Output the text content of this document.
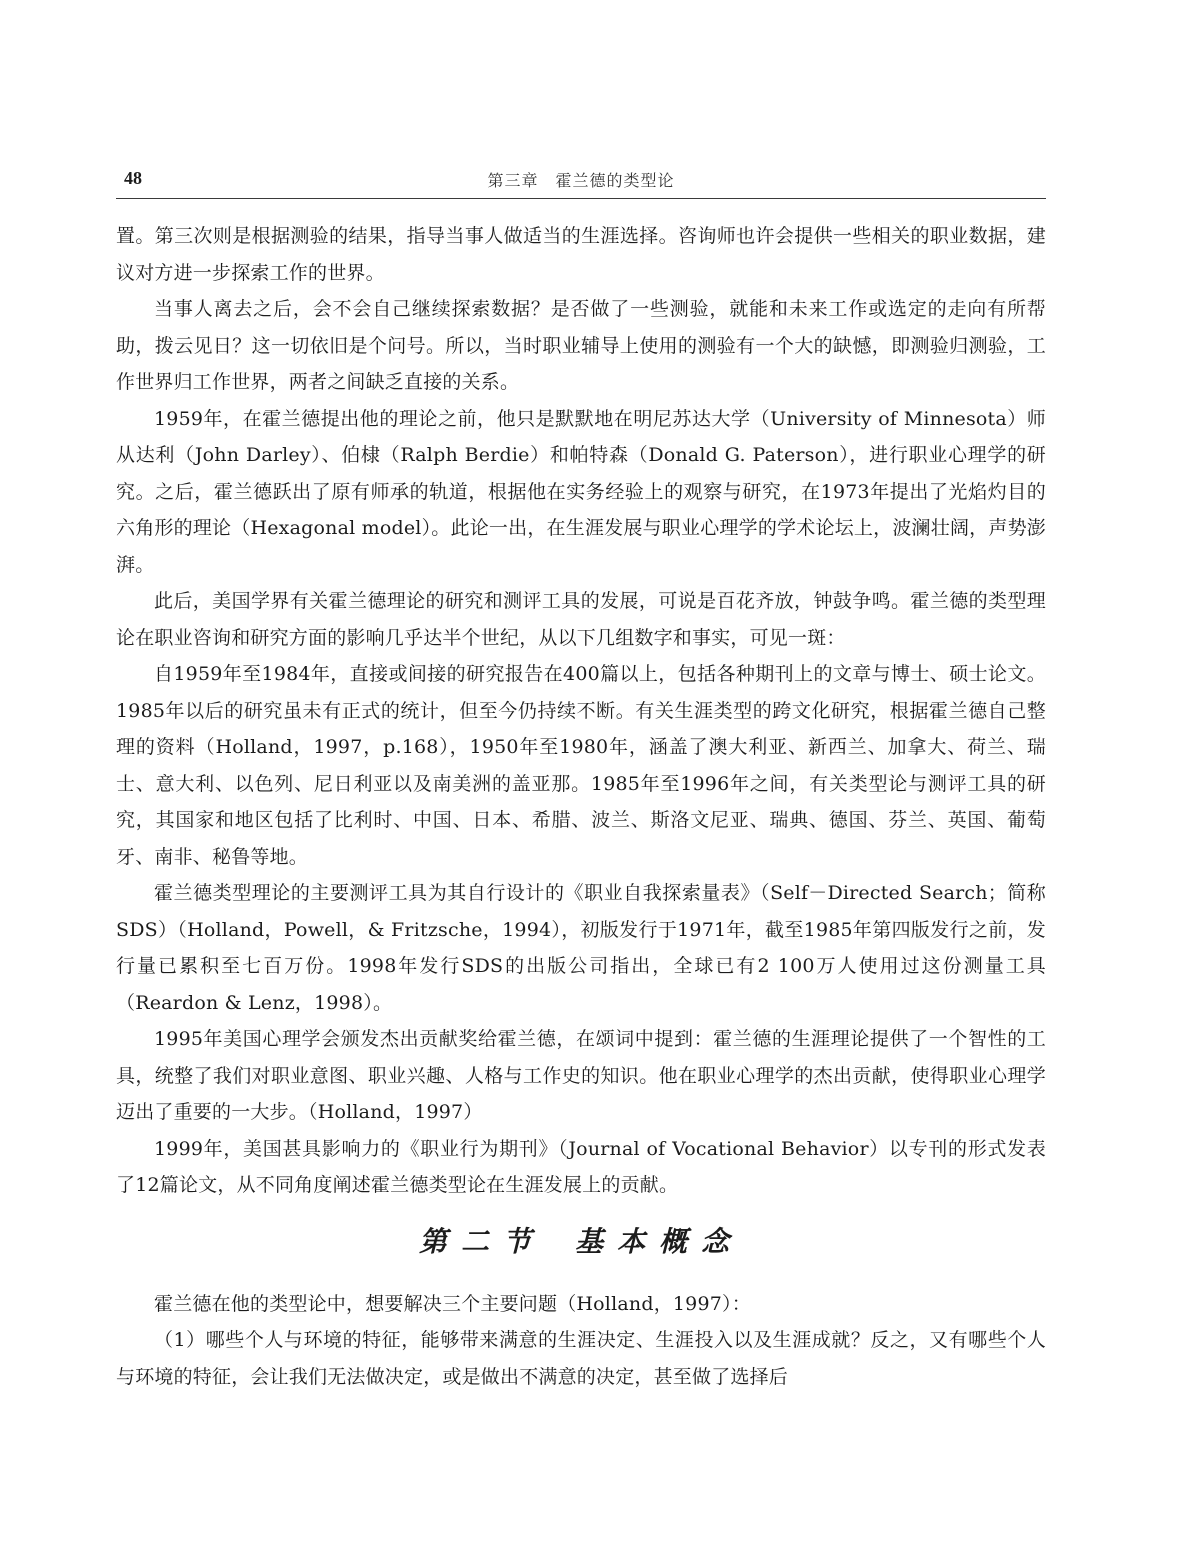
48	第三章　霍兰德的类型论

置。第三次则是根据测验的结果，指导当事人做适当的生涯选择。咨询师也许会提供一些相关的职业数据，建议对方进一步探索工作的世界。

当事人离去之后，会不会自己继续探索数据？是否做了一些测验，就能和未来工作或选定的走向有所帮助，拨云见日？这一切依旧是个问号。所以，当时职业辅导上使用的测验有一个大的缺憾，即测验归测验，工作世界归工作世界，两者之间缺乏直接的关系。

1959年，在霍兰德提出他的理论之前，他只是默默地在明尼苏达大学（University of Minnesota）师从达利（John Darley）、伯棣（Ralph Berdie）和帕特森（Donald G. Paterson），进行职业心理学的研究。之后，霍兰德跃出了原有师承的轨道，根据他在实务经验上的观察与研究，在1973年提出了光焰灼目的六角形的理论（Hexagonal model）。此论一出，在生涯发展与职业心理学的学术论坛上，波澜壮阔，声势澎湃。

此后，美国学界有关霍兰德理论的研究和测评工具的发展，可说是百花齐放，钟鼓争鸣。霍兰德的类型理论在职业咨询和研究方面的影响几乎达半个世纪，从以下几组数字和事实，可见一斑：

自1959年至1984年，直接或间接的研究报告在400篇以上，包括各种期刊上的文章与博士、硕士论文。1985年以后的研究虽未有正式的统计，但至今仍持续不断。有关生涯类型的跨文化研究，根据霍兰德自己整理的资料（Holland，1997，p.168），1950年至1980年，涵盖了澳大利亚、新西兰、加拿大、荷兰、瑞士、意大利、以色列、尼日利亚以及南美洲的盖亚那。1985年至1996年之间，有关类型论与测评工具的研究，其国家和地区包括了比利时、中国、日本、希腊、波兰、斯洛文尼亚、瑞典、德国、芬兰、英国、葡萄牙、南非、秘鲁等地。

霍兰德类型理论的主要测评工具为其自行设计的《职业自我探索量表》（Self－Directed Search；简称SDS）（Holland，Powell，& Fritzsche，1994），初版发行于1971年，截至1985年第四版发行之前，发行量已累积至七百万份。1998年发行SDS的出版公司指出，全球已有2 100万人使用过这份测量工具（Reardon & Lenz，1998）。

1995年美国心理学会颁发杰出贡献奖给霍兰德，在颂词中提到：霍兰德的生涯理论提供了一个智性的工具，统整了我们对职业意图、职业兴趣、人格与工作史的知识。他在职业心理学的杰出贡献，使得职业心理学迈出了重要的一大步。（Holland，1997）

1999年，美国甚具影响力的《职业行为期刊》（Journal of Vocational Behavior）以专刊的形式发表了12篇论文，从不同角度阐述霍兰德类型论在生涯发展上的贡献。

第二节 基本概念

霍兰德在他的类型论中，想要解决三个主要问题（Holland，1997）：

（1）哪些个人与环境的特征，能够带来满意的生涯决定、生涯投入以及生涯成就？反之，又有哪些个人与环境的特征，会让我们无法做决定，或是做出不满意的决定，甚至做了选择后
